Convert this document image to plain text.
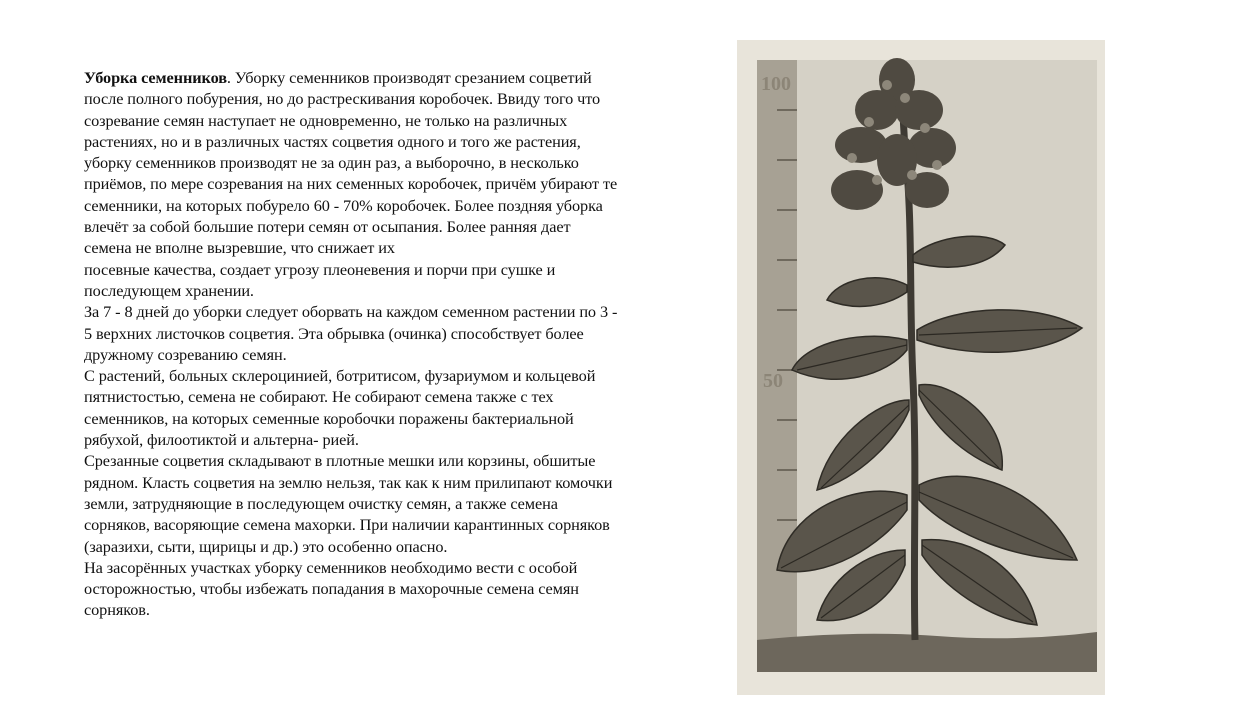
Уборка семенников. Уборку семенников производят срезанием соцветий

после полного побурения, но до растрескивания коробочек. Ввиду того что

созревание семян наступает не одновременно, не только на различных

растениях, но и в различных частях соцветия одного и того же растения,

уборку семенников производят не за один раз, а выборочно, в несколько

приёмов, по мере созревания на них семенных коробочек, причём убирают те

семенники, на которых побурело 60 - 70% коробочек. Более поздняя уборка

влечёт за собой большие потери семян от осыпания. Более ранняя дает

семена не вполне вызревшие, что снижает их

посевные качества, создает угрозу плеоневения и порчи при сушке и

последующем хранении.

За 7 - 8 дней до уборки следует оборвать на каждом семенном растении по 3 -

5 верхних листочков соцветия. Эта обрывка (очинка) способствует более

дружному созреванию семян.

С растений, больных склероцинией, ботритисом, фузариумом и кольцевой

пятнистостью, семена не собирают. Не собирают семена также с тех

семенников, на которых семенные коробочки поражены бактериальной

рябухой, филоотиктой и альтерна- рией.

Срезанные соцветия складывают в плотные мешки или корзины, обшитые

рядном. Класть соцветия на землю нельзя, так как к ним прилипают комочки

земли, затрудняющие в последующем очистку семян, а также семена

сорняков, васоряющие семена махорки. При наличии карантинных сорняков

(заразихи, сыти, щирицы и др.) это особенно опасно.

На засорённых участках уборку семенников необходимо вести с особой

осторожностью, чтобы избежать попадания в махорочные семена семян

сорняков.

100
50
